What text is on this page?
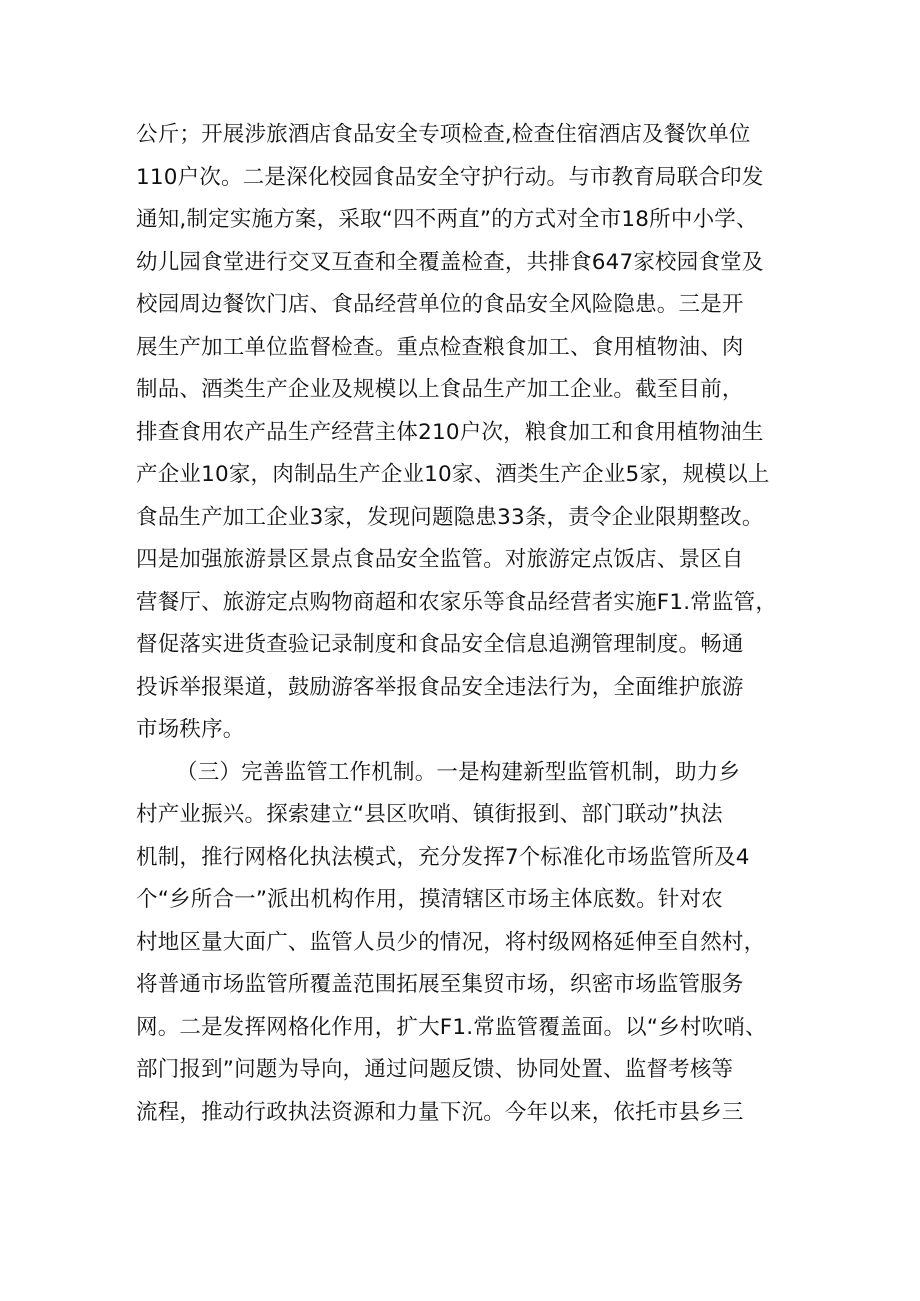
公斤；开展涉旅酒店食品安全专项检查,检查住宿酒店及餐饮单位
110户次。二是深化校园食品安全守护行动。与市教育局联合印发
通知,制定实施方案，采取“四不两直”的方式对全市18所中小学、
幼儿园食堂进行交叉互查和全覆盖检查，共排食647家校园食堂及
校园周边餐饮门店、食品经营单位的食品安全风险隐患。三是开
展生产加工单位监督检查。重点检查粮食加工、食用植物油、肉
制品、酒类生产企业及规模以上食品生产加工企业。截至目前，
排查食用农产品生产经营主体210户次，粮食加工和食用植物油生
产企业10家，肉制品生产企业10家、酒类生产企业5家，规模以上
食品生产加工企业3家，发现问题隐患33条，责令企业限期整改。
四是加强旅游景区景点食品安全监管。对旅游定点饭店、景区自
营餐厅、旅游定点购物商超和农家乐等食品经营者实施F1.常监管，
督促落实进货查验记录制度和食品安全信息追溯管理制度。畅通
投诉举报渠道，鼓励游客举报食品安全违法行为，全面维护旅游
市场秩序。
（三）完善监管工作机制。一是构建新型监管机制，助力乡
村产业振兴。探索建立“县区吹哨、镇街报到、部门联动”执法
机制，推行网格化执法模式，充分发挥7个标准化市场监管所及4
个“乡所合一”派出机构作用，摸清辖区市场主体底数。针对农
村地区量大面广、监管人员少的情况，将村级网格延伸至自然村，
将普通市场监管所覆盖范围拓展至集贸市场，织密市场监管服务
网。二是发挥网格化作用，扩大F1.常监管覆盖面。以“乡村吹哨、
部门报到”问题为导向，通过问题反馈、协同处置、监督考核等
流程，推动行政执法资源和力量下沉。今年以来，依托市县乡三
